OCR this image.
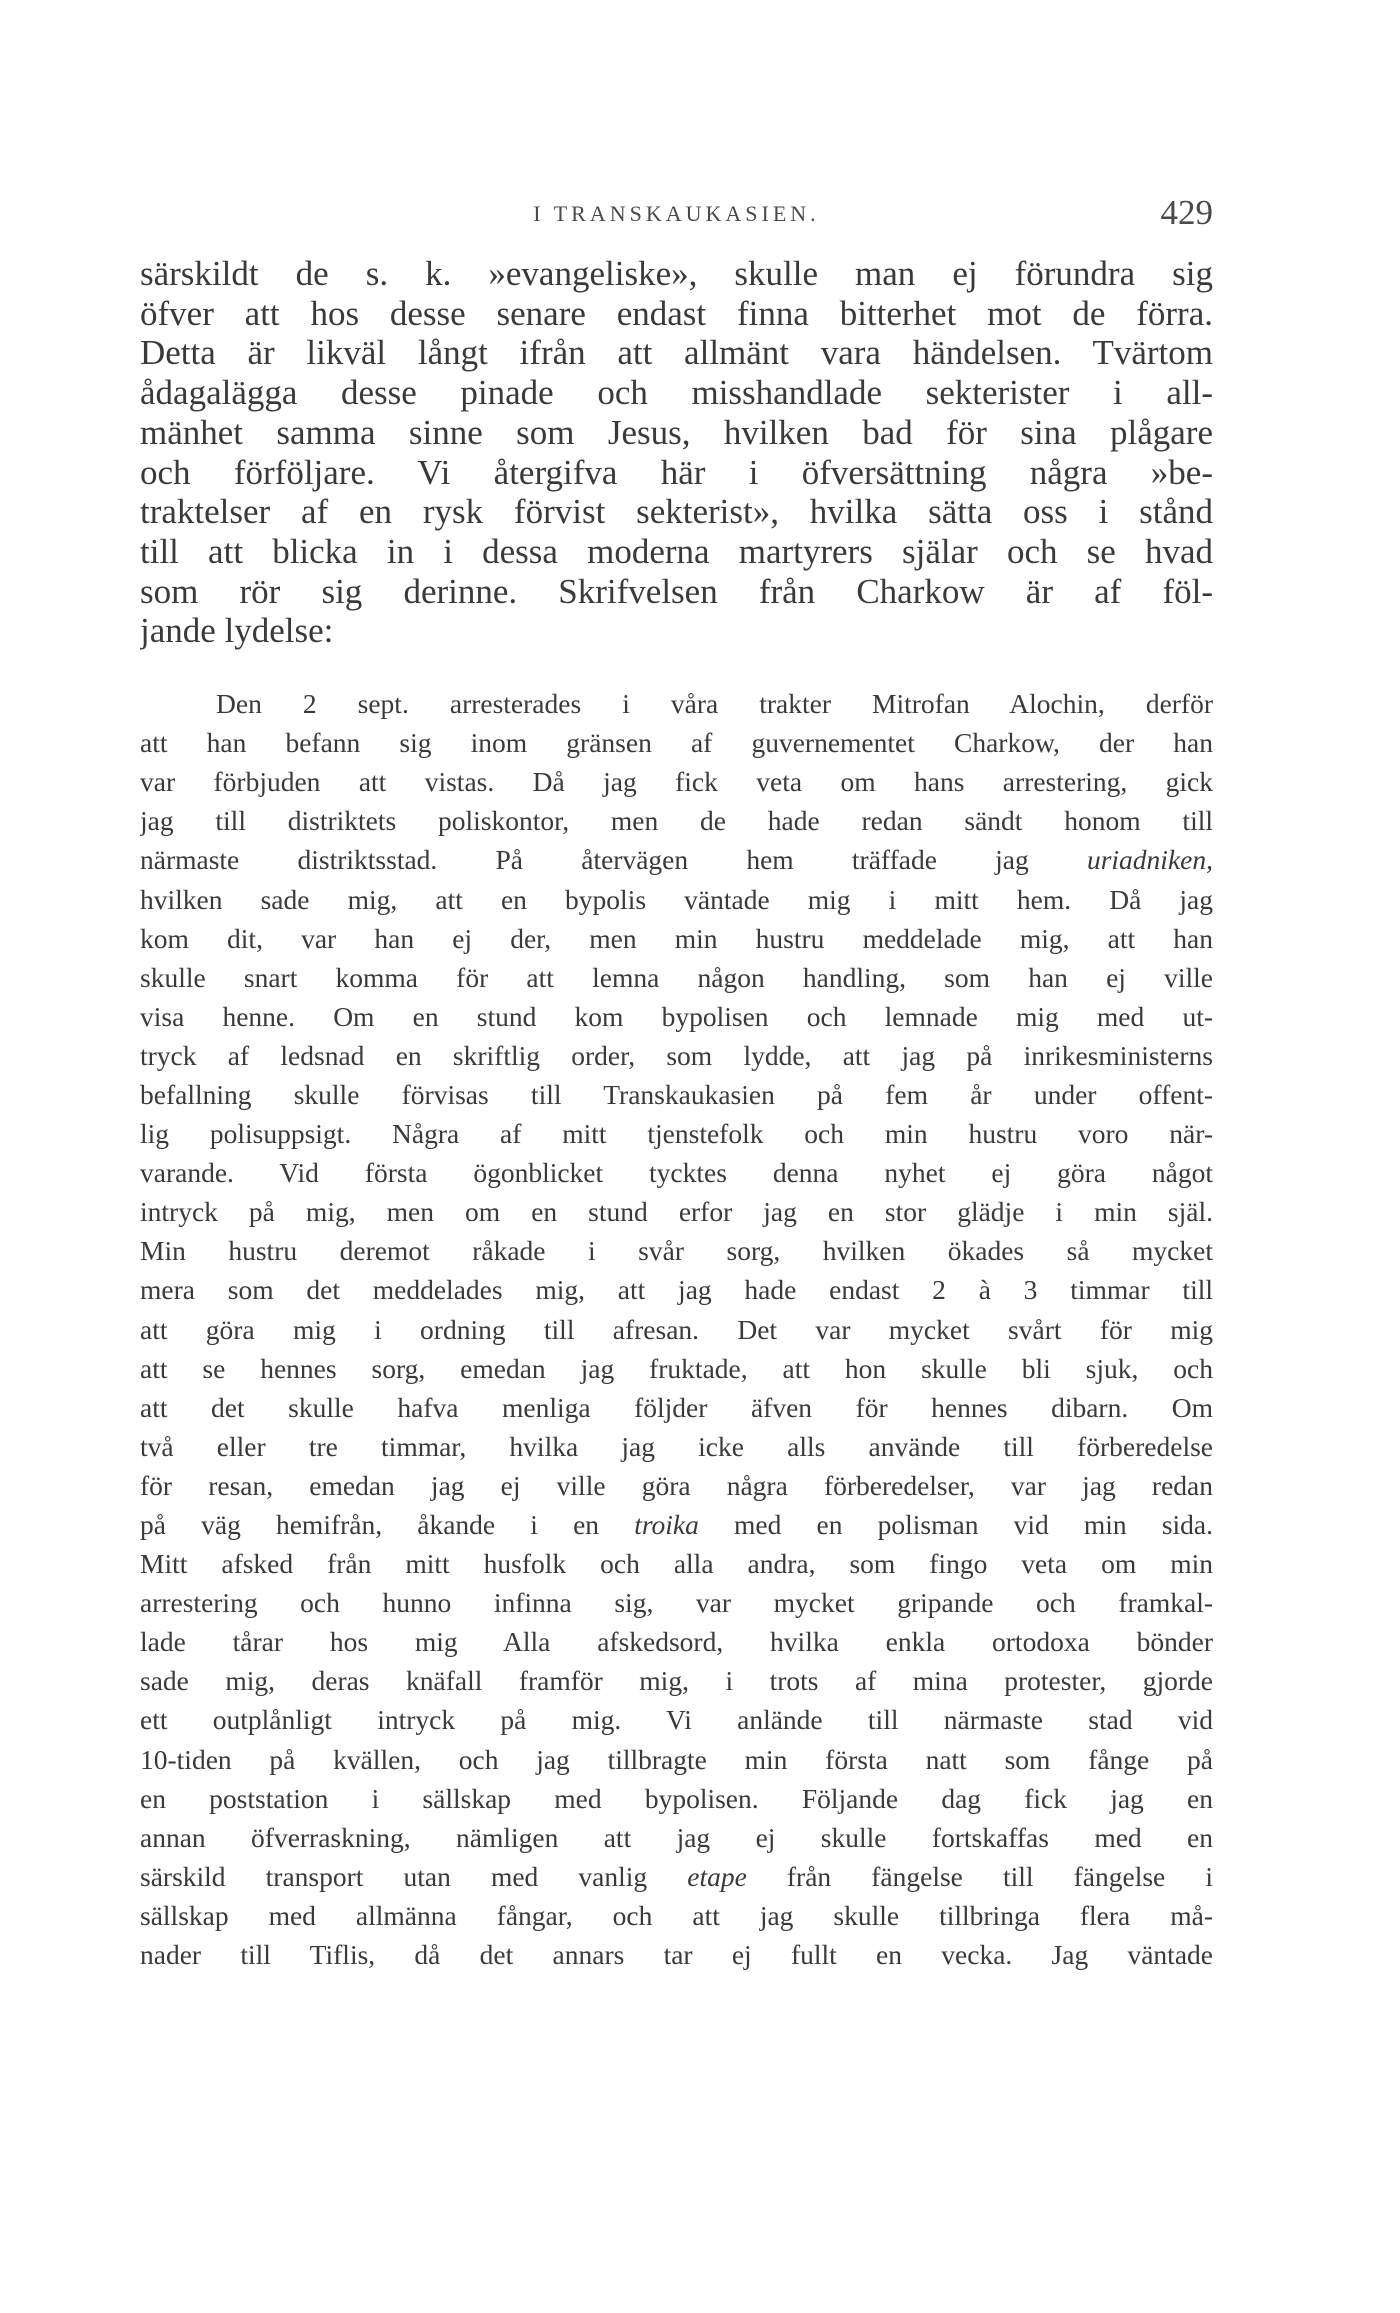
I TRANSKAUKASIEN.	429
särskildt de s. k. »evangeliske», skulle man ej förundra sig
öfver att hos desse senare endast finna bitterhet mot de förra.
Detta är likväl långt ifrån att allmänt vara händelsen. Tvärtom
ådagalägga desse pinade och misshandlade sekterister i all-
mänhet samma sinne som Jesus, hvilken bad för sina plågare
och förföljare. Vi återgifva här i öfversättning några »be-
traktelser af en rysk förvist sekterist», hvilka sätta oss i stånd
till att blicka in i dessa moderna martyrers själar och se hvad
som rör sig derinne. Skrifvelsen från Charkow är af föl-
jande lydelse:
Den 2 sept. arresterades i våra trakter Mitrofan Alochin, derför
att han befann sig inom gränsen af guvernementet Charkow, der han
var förbjuden att vistas. Då jag fick veta om hans arrestering, gick
jag till distriktets poliskontor, men de hade redan sändt honom till
närmaste distriktsstad. På återvägen hem träffade jag uriadniken,
hvilken sade mig, att en bypolis väntade mig i mitt hem. Då jag
kom dit, var han ej der, men min hustru meddelade mig, att han
skulle snart komma för att lemna någon handling, som han ej ville
visa henne. Om en stund kom bypolisen och lemnade mig med ut-
tryck af ledsnad en skriftlig order, som lydde, att jag på inrikesministerns
befallning skulle förvisas till Transkaukasien på fem år under offent-
lig polisuppsigt. Några af mitt tjenstefolk och min hustru voro när-
varande. Vid första ögonblicket tycktes denna nyhet ej göra något
intryck på mig, men om en stund erfor jag en stor glädje i min själ.
Min hustru deremot råkade i svår sorg, hvilken ökades så mycket
mera som det meddelades mig, att jag hade endast 2 à 3 timmar till
att göra mig i ordning till afresan. Det var mycket svårt för mig
att se hennes sorg, emedan jag fruktade, att hon skulle bli sjuk, och
att det skulle hafva menliga följder äfven för hennes dibarn. Om
två eller tre timmar, hvilka jag icke alls använde till förberedelse
för resan, emedan jag ej ville göra några förberedelser, var jag redan
på väg hemifrån, åkande i en troika med en polisman vid min sida.
Mitt afsked från mitt husfolk och alla andra, som fingo veta om min
arrestering och hunno infinna sig, var mycket gripande och framkal-
lade tårar hos mig Alla afskedsord, hvilka enkla ortodoxa bönder
sade mig, deras knäfall framför mig, i trots af mina protester, gjorde
ett outplånligt intryck på mig. Vi anlände till närmaste stad vid
10-tiden på kvällen, och jag tillbragte min första natt som fånge på
en poststation i sällskap med bypolisen. Följande dag fick jag en
annan öfverraskning, nämligen att jag ej skulle fortskaffas med en
särskild transport utan med vanlig etape från fängelse till fängelse i
sällskap med allmänna fångar, och att jag skulle tillbringa flera må-
nader till Tiflis, då det annars tar ej fullt en vecka. Jag väntade
